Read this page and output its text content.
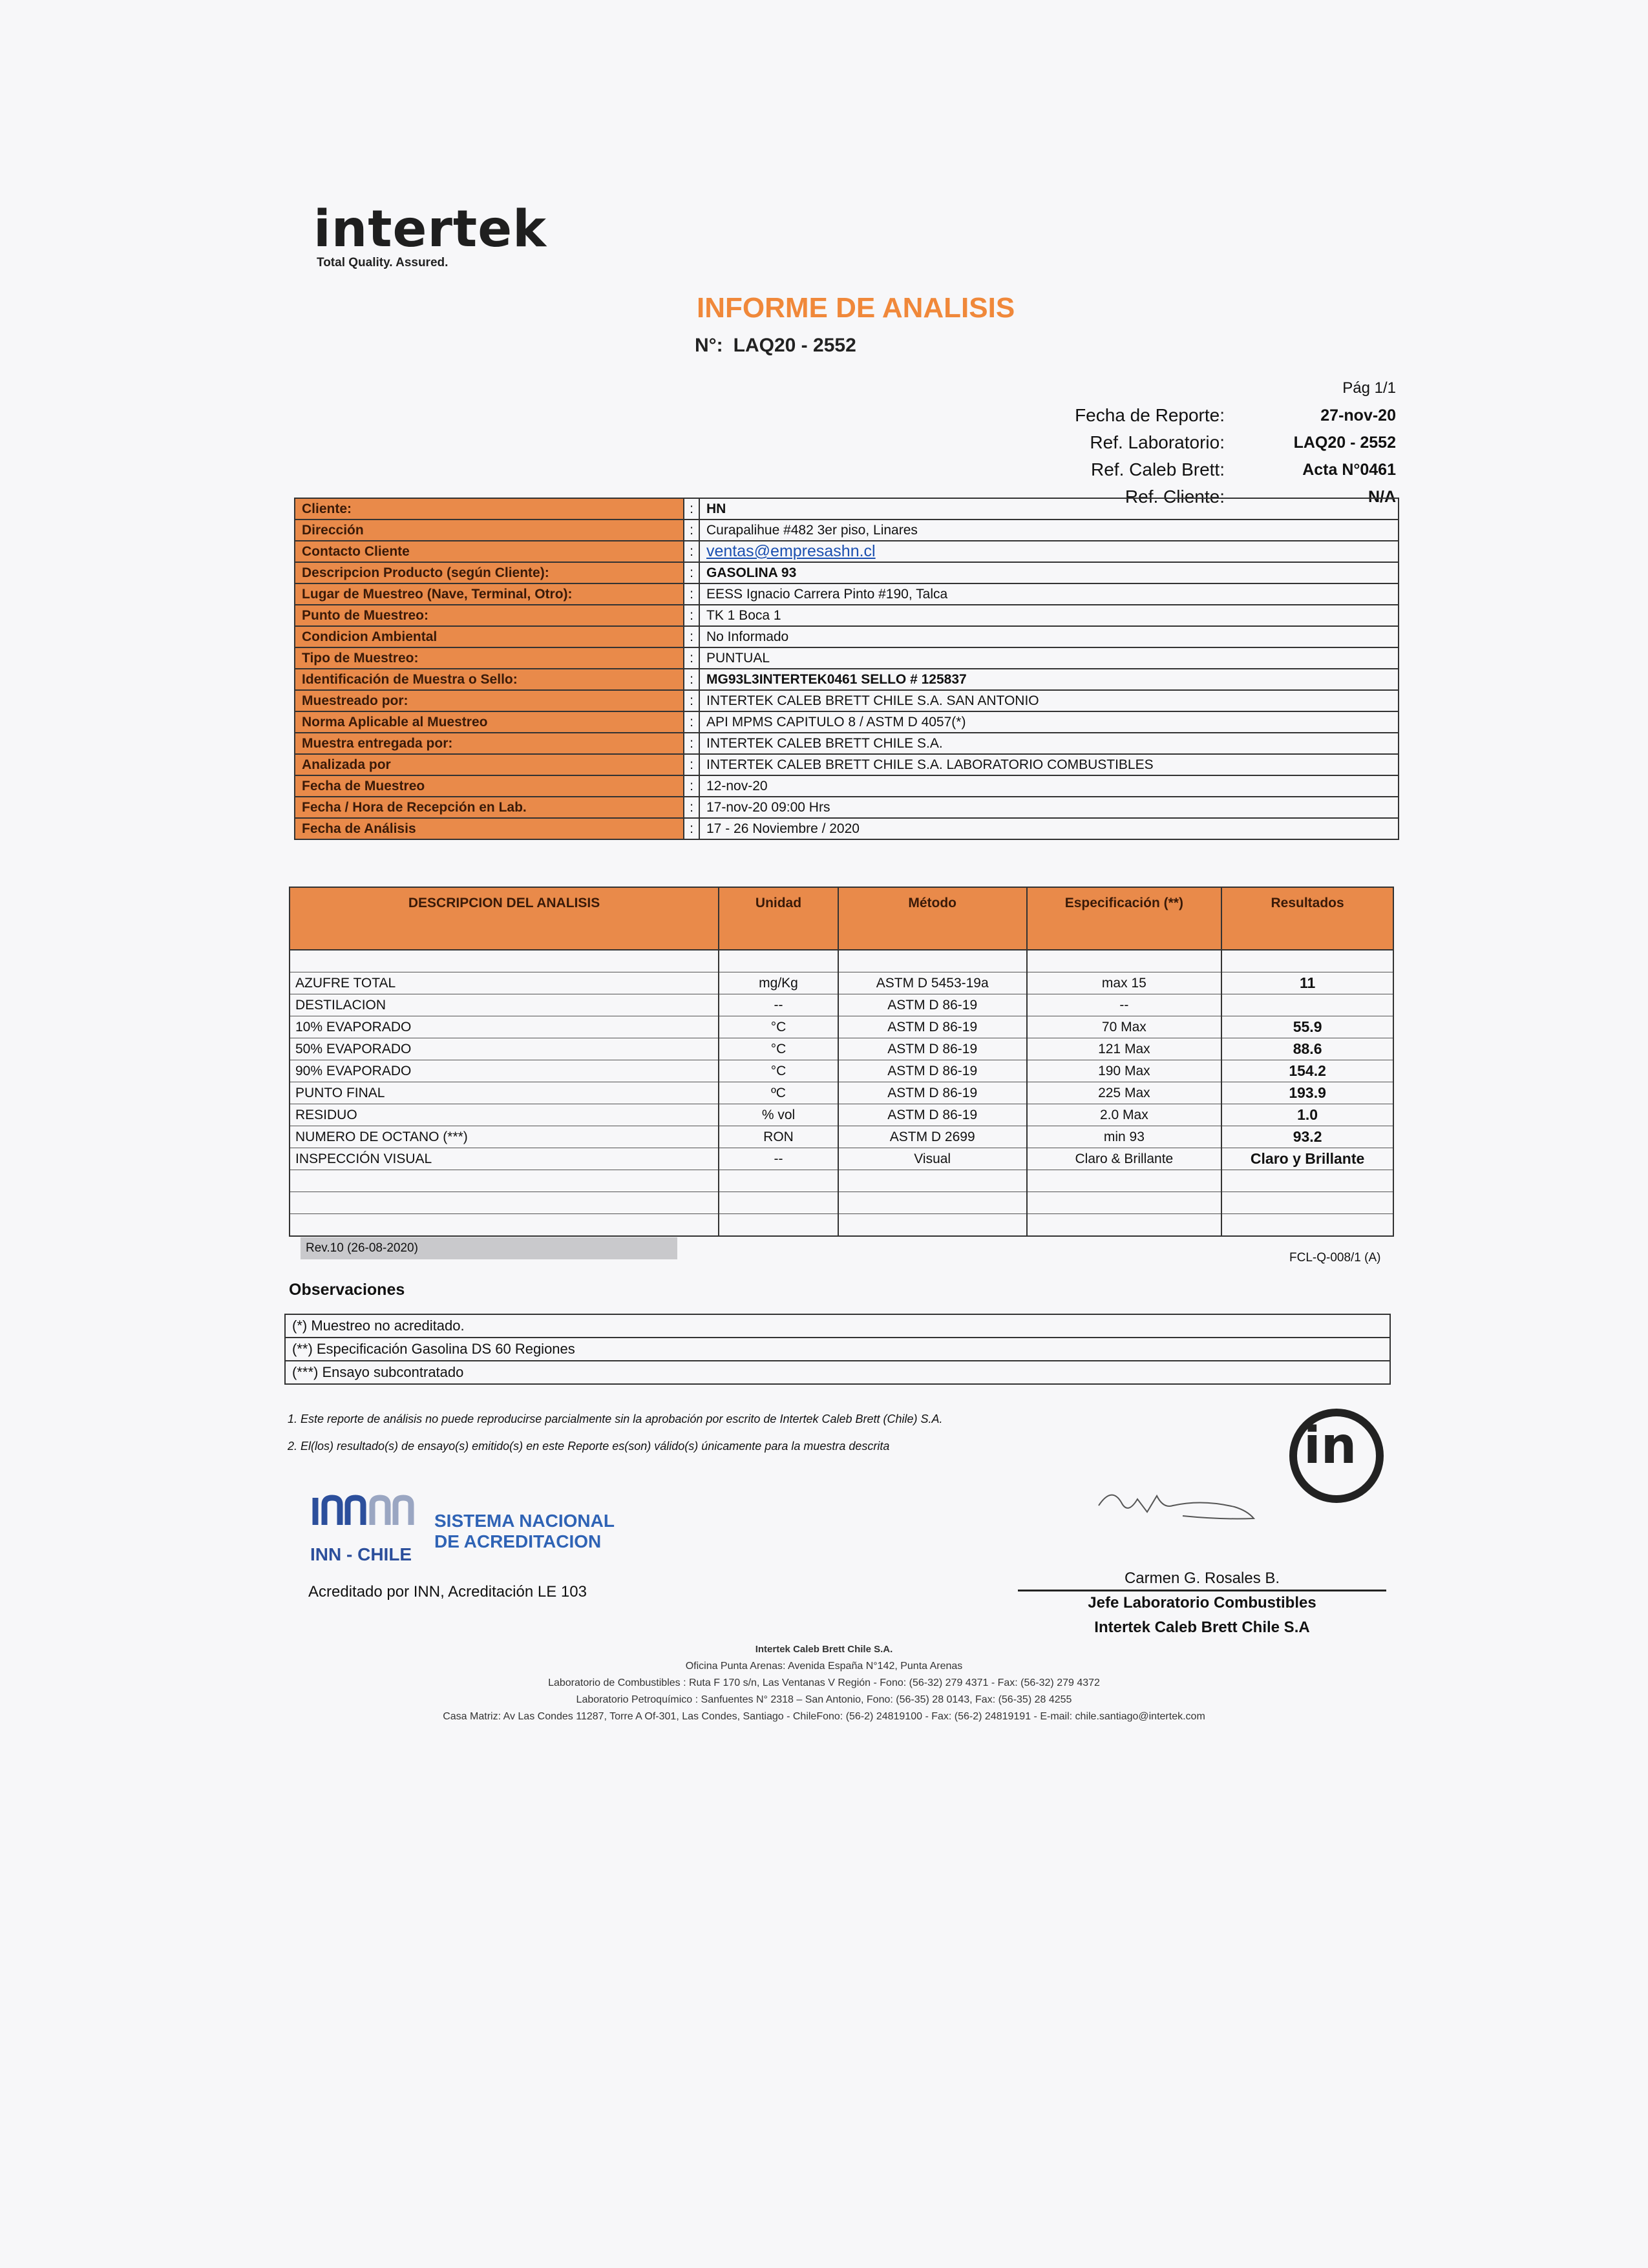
intertek
Total Quality. Assured.
INFORME DE ANALISIS
N°: LAQ20 - 2552
Pág 1/1
Fecha de Reporte:	27-nov-20
Ref. Laboratorio:	LAQ20 - 2552
Ref. Caleb Brett:	Acta N°0461
Ref. Cliente:	N/A
Cliente:	:	HN
Dirección	:	Curapalihue #482 3er piso, Linares
Contacto Cliente	:	ventas@empresashn.cl
Descripcion Producto (según Cliente):	:	GASOLINA 93
Lugar de Muestreo (Nave, Terminal, Otro):	:	EESS Ignacio Carrera Pinto #190, Talca
Punto de Muestreo:	:	TK 1 Boca 1
Condicion Ambiental	:	No Informado
Tipo de Muestreo:	:	PUNTUAL
Identificación de Muestra o Sello:	:	MG93L3INTERTEK0461 SELLO # 125837
Muestreado por:	:	INTERTEK CALEB BRETT CHILE S.A. SAN ANTONIO
Norma Aplicable al Muestreo	:	API MPMS CAPITULO 8 / ASTM D 4057(*)
Muestra entregada por:	:	INTERTEK CALEB BRETT CHILE S.A.
Analizada por	:	INTERTEK CALEB BRETT CHILE S.A. LABORATORIO COMBUSTIBLES
Fecha de Muestreo	:	12-nov-20
Fecha / Hora de Recepción en Lab.	:	17-nov-20 09:00 Hrs
Fecha de Análisis	:	17 - 26 Noviembre / 2020
DESCRIPCION DEL ANALISIS	Unidad	Método	Especificación (**)	Resultados

AZUFRE TOTAL	mg/Kg	ASTM D 5453-19a	max 15	11
DESTILACION	--	ASTM D 86-19	--	
10% EVAPORADO	°C	ASTM D 86-19	70 Max	55.9
50% EVAPORADO	°C	ASTM D 86-19	121 Max	88.6
90% EVAPORADO	°C	ASTM D 86-19	190 Max	154.2
PUNTO FINAL	ºC	ASTM D 86-19	225 Max	193.9
RESIDUO	% vol	ASTM D 86-19	2.0 Max	1.0
NUMERO DE OCTANO (***)	RON	ASTM D 2699	min 93	93.2
INSPECCIÓN VISUAL	--	Visual	Claro & Brillante	Claro y Brillante

Rev.10 (26-08-2020)
FCL-Q-008/1 (A)
Observaciones
(*) Muestreo no acreditado.
(**) Especificación Gasolina DS 60 Regiones
(***) Ensayo subcontratado
1. Este reporte de análisis no puede reproducirse parcialmente sin la aprobación por escrito de Intertek Caleb Brett (Chile) S.A.
2. El(los) resultado(s) de ensayo(s) emitido(s) en este Reporte es(son) válido(s) únicamente para la muestra descrita	in
INN - CHILE
SISTEMA NACIONAL
DE ACREDITACION
Acreditado por INN, Acreditación LE 103
Carmen G. Rosales B.
Jefe Laboratorio Combustibles
Intertek Caleb Brett Chile S.A
Intertek Caleb Brett Chile S.A.
Oficina Punta Arenas: Avenida España N°142, Punta Arenas
Laboratorio de Combustibles : Ruta F 170 s/n, Las Ventanas V Región - Fono: (56-32) 279 4371 - Fax: (56-32) 279 4372
Laboratorio Petroquímico : Sanfuentes N° 2318 – San Antonio, Fono: (56-35) 28 0143, Fax: (56-35) 28 4255
Casa Matriz: Av Las Condes 11287, Torre A Of-301, Las Condes, Santiago - ChileFono: (56-2) 24819100 - Fax: (56-2) 24819191 - E-mail: chile.santiago@intertek.com
